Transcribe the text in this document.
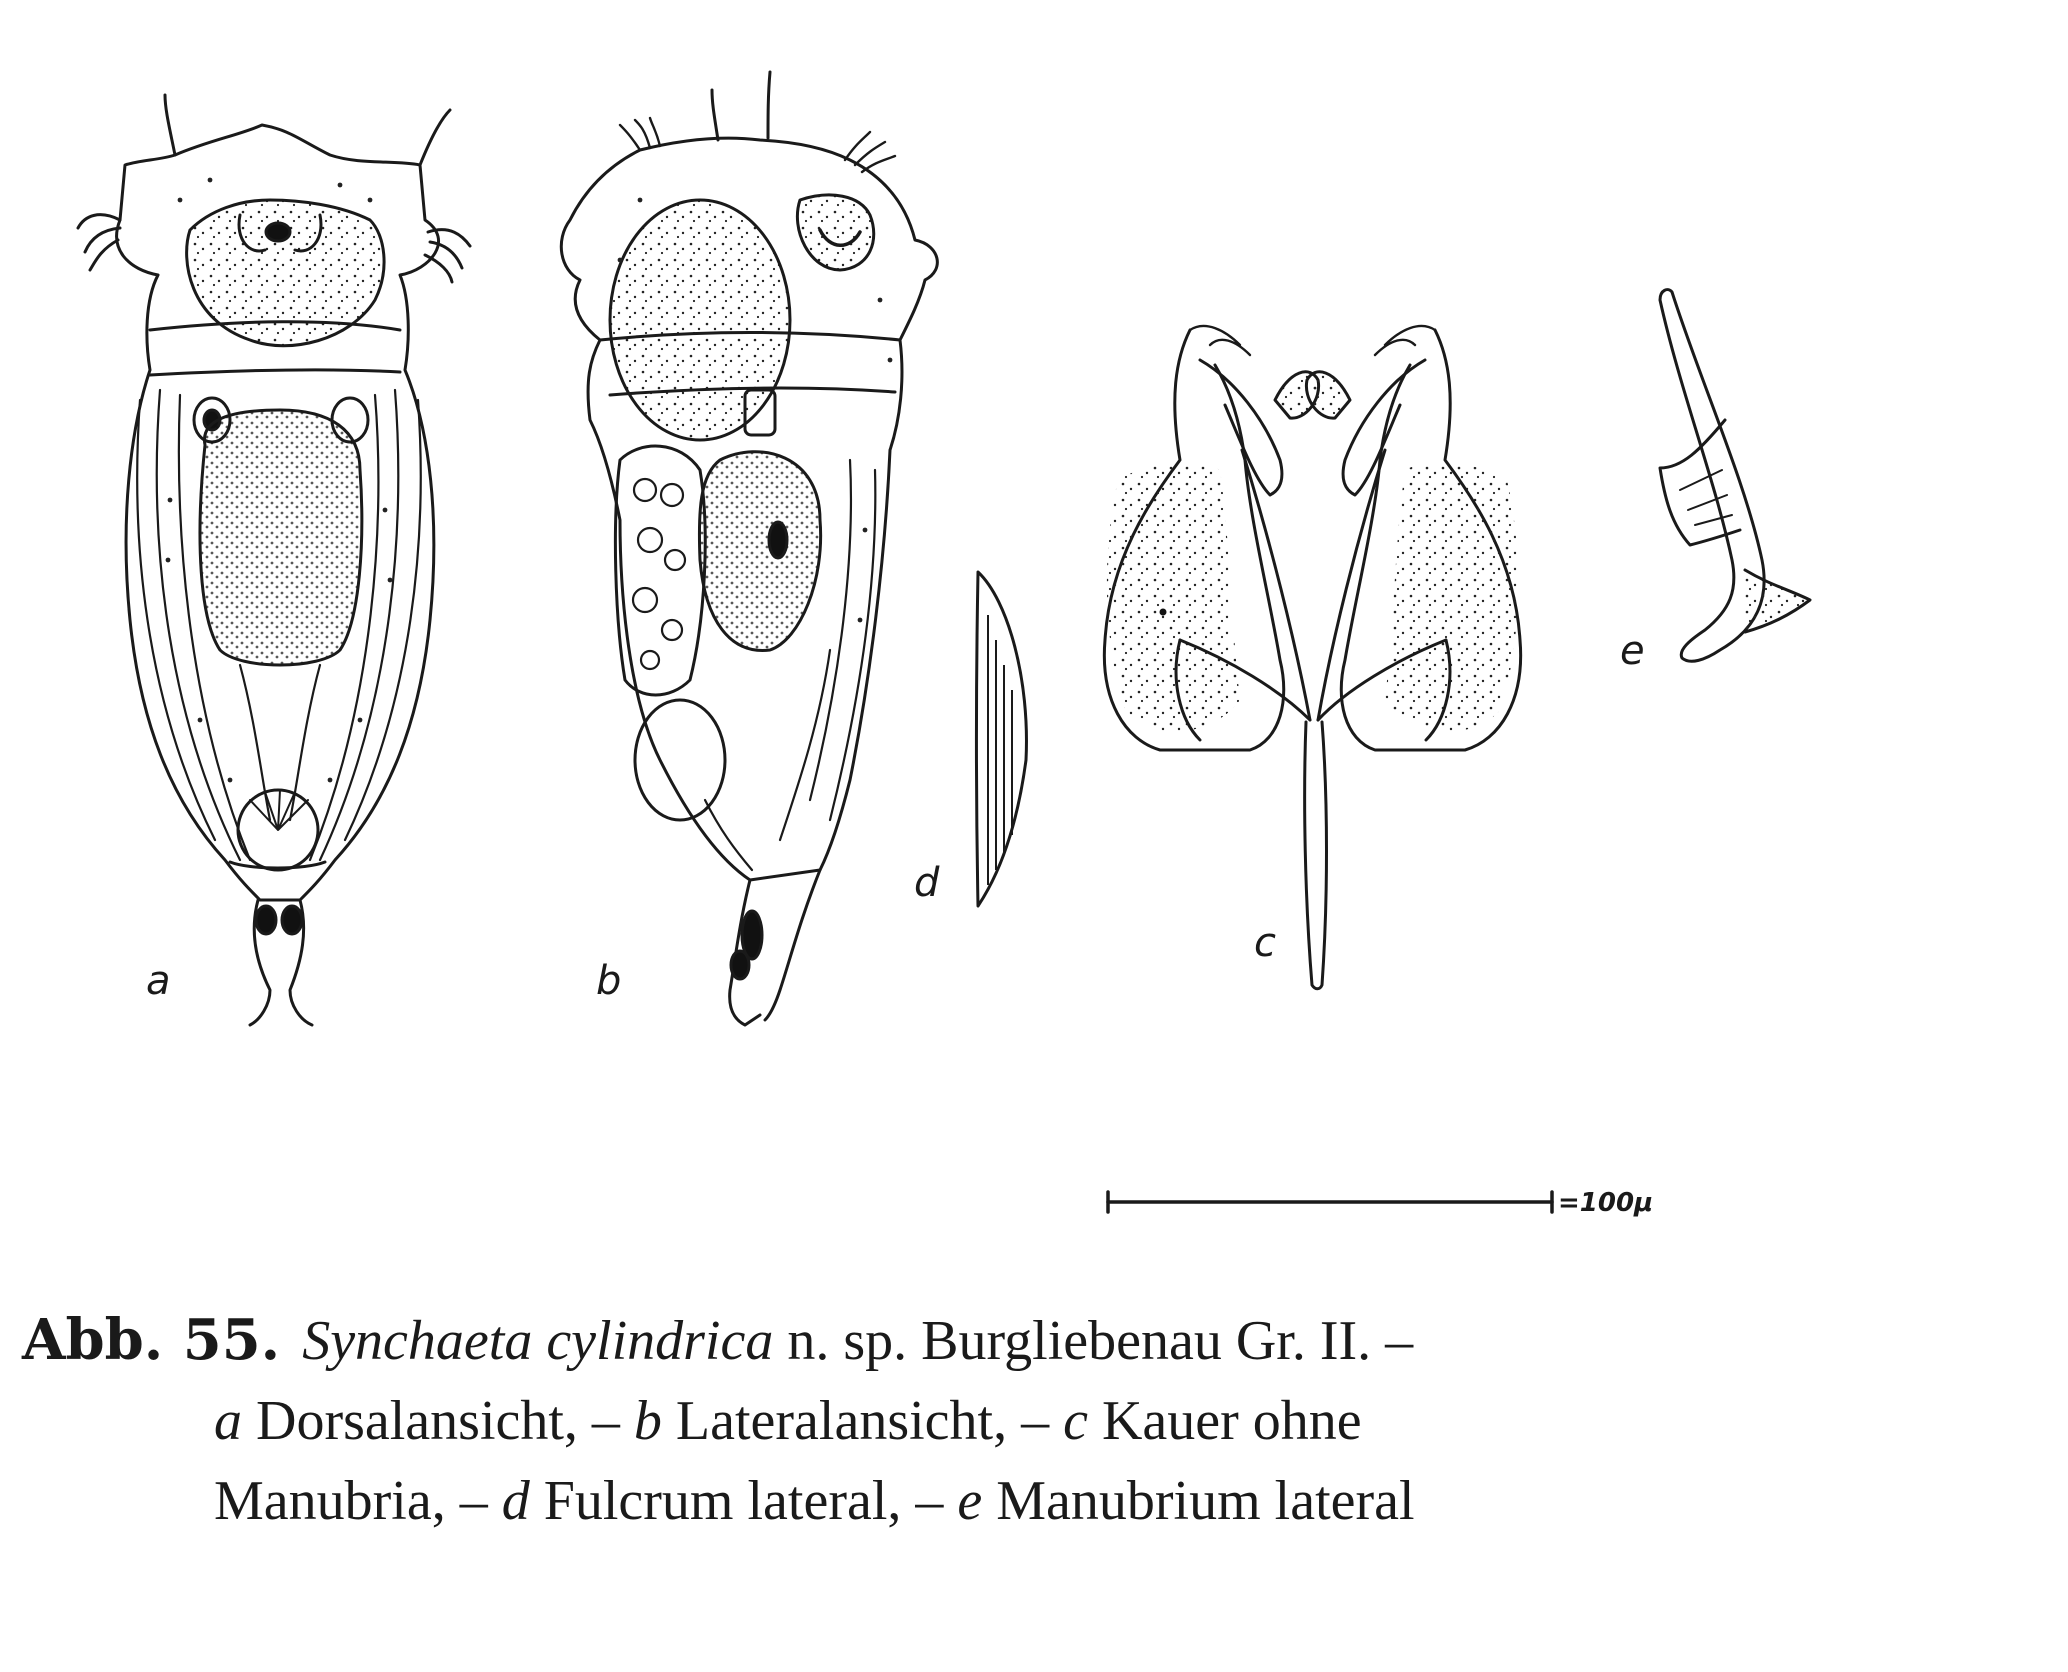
a	b
c
d
e
=100μ
Abb. 55. Synchaeta cylindrica n. sp. Burgliebenau Gr. II. –
a Dorsalansicht, – b Lateralansicht, – c Kauer ohne
Manubria, – d Fulcrum lateral, – e Manubrium lateral
